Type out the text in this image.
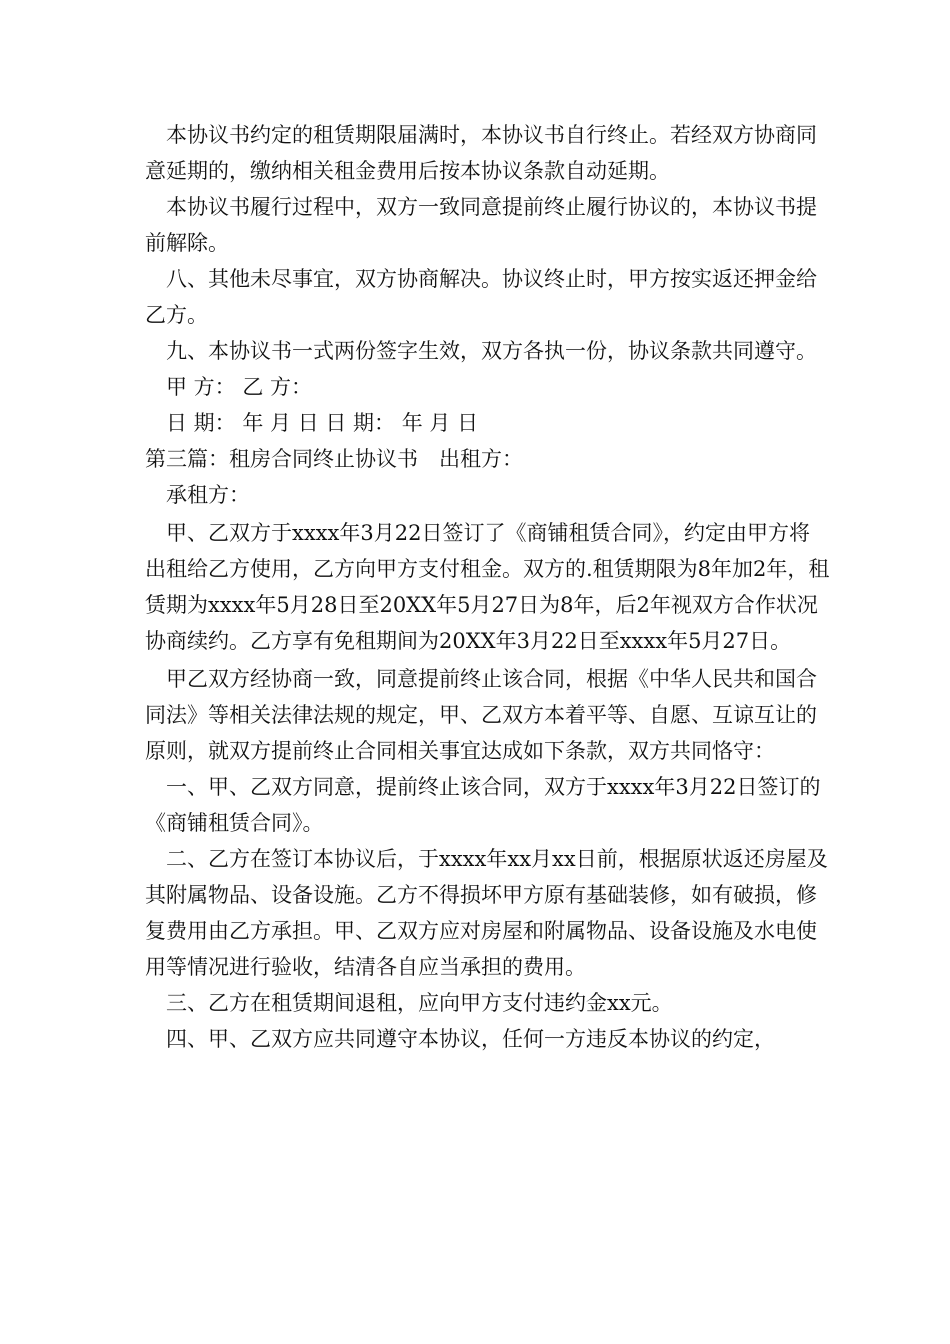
本协议书约定的租赁期限届满时，本协议书自行终止。若经双方协商同意延期的，缴纳相关租金费用后按本协议条款自动延期。

本协议书履行过程中，双方一致同意提前终止履行协议的，本协议书提前解除。

八、其他未尽事宜，双方协商解决。协议终止时，甲方按实返还押金给乙方。

九、本协议书一式两份签字生效，双方各执一份，协议条款共同遵守。

甲 方： 乙 方：

日 期： 年 月 日 日 期： 年 月 日

第三篇：租房合同终止协议书　出租方：

承租方：

甲、乙双方于xxxx年3月22日签订了《商铺租赁合同》，约定由甲方将 出租给乙方使用，乙方向甲方支付租金。双方的.租赁期限为8年加2年，租赁期为xxxx年5月28日至20XX年5月27日为8年，后2年视双方合作状况协商续约。乙方享有免租期间为20XX年3月22日至xxxx年5月27日。

甲乙双方经协商一致，同意提前终止该合同，根据《中华人民共和国合同法》等相关法律法规的规定，甲、乙双方本着平等、自愿、互谅互让的原则，就双方提前终止合同相关事宜达成如下条款，双方共同恪守：

一、甲、乙双方同意，提前终止该合同，双方于xxxx年3月22日签订的《商铺租赁合同》。

二、乙方在签订本协议后，于xxxx年xx月xx日前，根据原状返还房屋及其附属物品、设备设施。乙方不得损坏甲方原有基础装修，如有破损，修复费用由乙方承担。甲、乙双方应对房屋和附属物品、设备设施及水电使用等情况进行验收，结清各自应当承担的费用。

三、乙方在租赁期间退租，应向甲方支付违约金xx元。

四、甲、乙双方应共同遵守本协议，任何一方违反本协议的约定，
